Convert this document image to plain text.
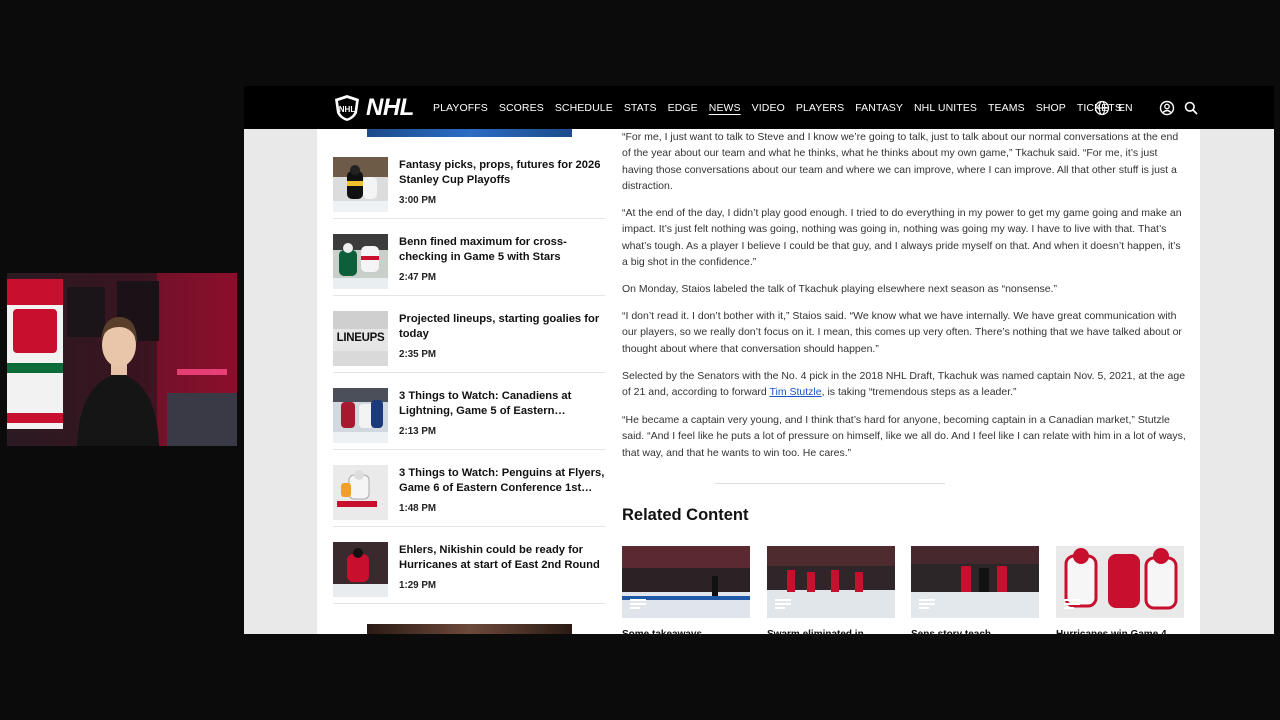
NHL NHL PLAYOFFS SCORES SCHEDULE STATS EDGE NEWS VIDEO PLAYERS FANTASY NHL UNITES TEAMS SHOP TICKETS
EN
Fantasy picks, props, futures for 2026 Stanley Cup Playoffs
3:00 PM
Benn fined maximum for cross-checking in Game 5 with Stars
2:47 PM
LINEUPS
Projected lineups, starting goalies for today
2:35 PM
3 Things to Watch: Canadiens at Lightning, Game 5 of Eastern…
2:13 PM
3 Things to Watch: Penguins at Flyers, Game 6 of Eastern Conference 1st…
1:48 PM
Ehlers, Nikishin could be ready for Hurricanes at start of East 2nd Round
1:29 PM

“For me, I just want to talk to Steve and I know we’re going to talk, just to talk about our normal conversations at the end of the year about our team and what he thinks, what he thinks about my own game,” Tkachuk said. “For me, it’s just having those conversations about our team and where we can improve, where I can improve. All that other stuff is just a distraction.

“At the end of the day, I didn’t play good enough. I tried to do everything in my power to get my game going and make an impact. It’s just felt nothing was going, nothing was going in, nothing was going my way. I have to live with that. That’s what’s tough. As a player I believe I could be that guy, and I always pride myself on that. And when it doesn’t happen, it’s a big shot in the confidence.”

On Monday, Staios labeled the talk of Tkachuk playing elsewhere next season as “nonsense.”

“I don’t read it. I don’t bother with it,” Staios said. “We know what we have internally. We have great communication with our players, so we really don’t focus on it. I mean, this comes up very often. There’s nothing that we have talked about or thought about where that conversation should happen.”

Selected by the Senators with the No. 4 pick in the 2018 NHL Draft, Tkachuk was named captain Nov. 5, 2021, at the age of 21 and, according to forward Tim Stutzle, is taking “tremendous steps as a leader.”

“He became a captain very young, and I think that’s hard for anyone, becoming captain in a Canadian market,” Stutzle said. “And I feel like he puts a lot of pressure on himself, like we all do. And I feel like I can relate with him in a lot of ways, that way, and that he wants to win too. He cares.”

Related Content
Some takeaways	Swarm eliminated in	Sens story teach...	Hurricanes win Game 4
